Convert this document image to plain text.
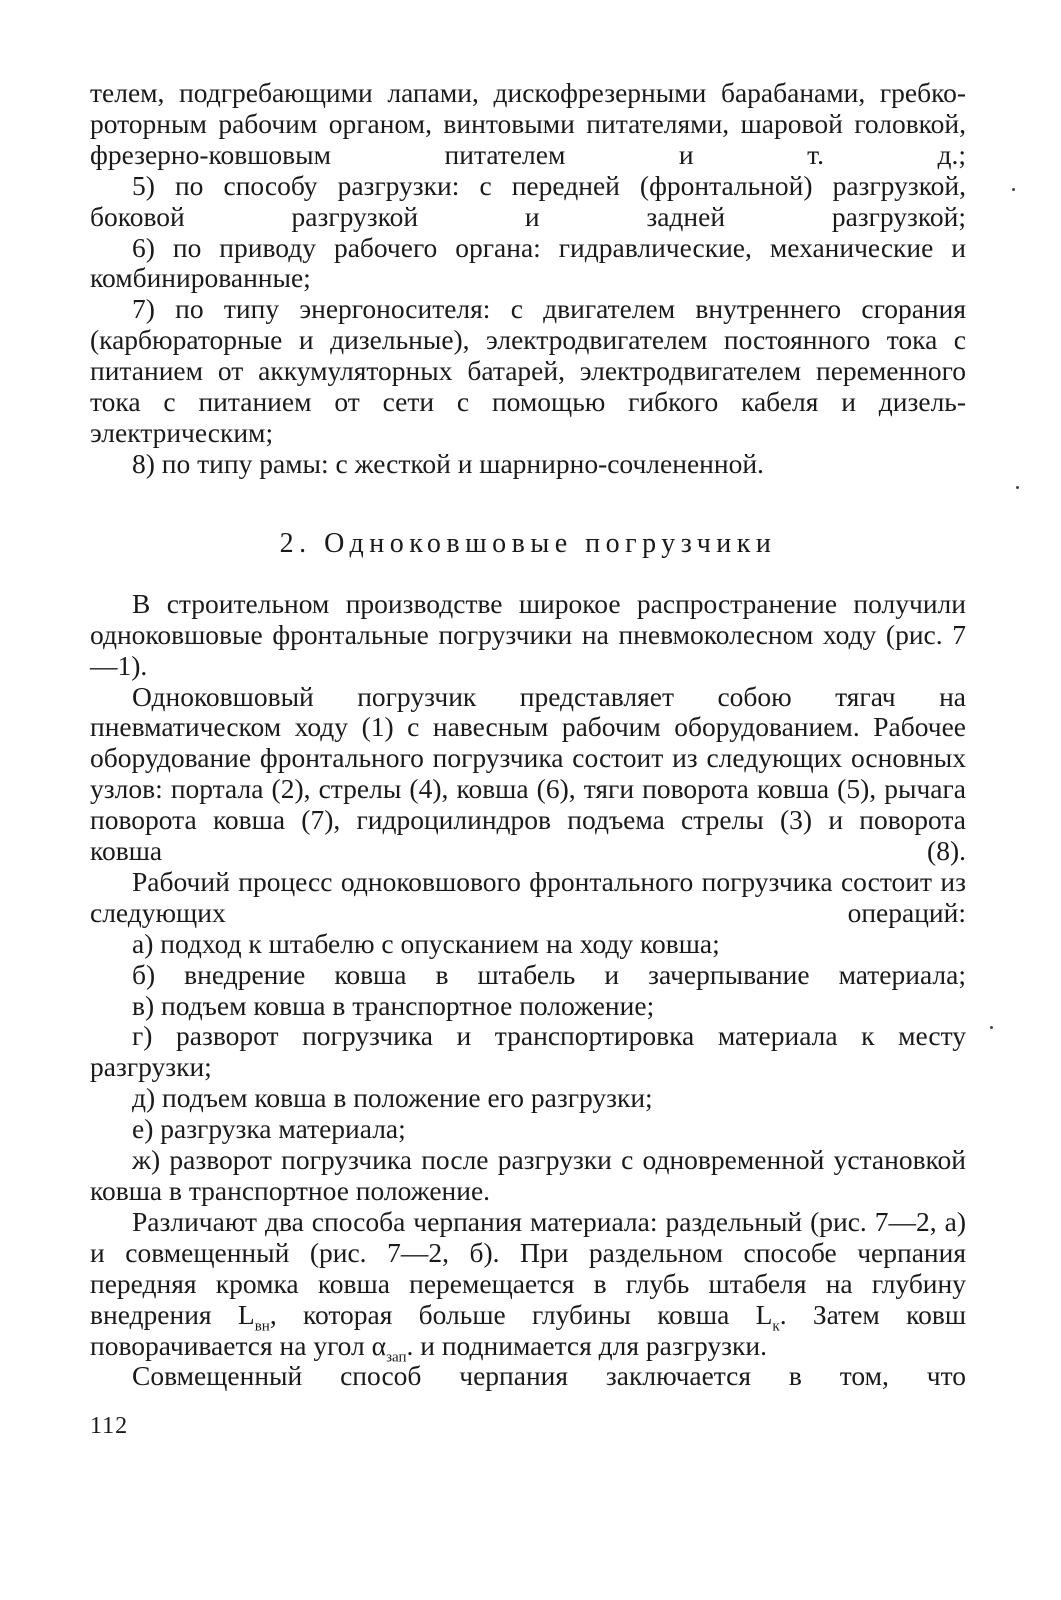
телем, подгребающими лапами, дискофрезерными барабанами, гребко-роторным рабочим органом, винтовыми питателями, шаровой головкой, фрезерно-ковшовым питателем и т. д.;

5) по способу разгрузки: с передней (фронтальной) разгрузкой, боковой разгрузкой и задней разгрузкой;

6) по приводу рабочего органа: гидравлические, механические и комбинированные;

7) по типу энергоносителя: с двигателем внутреннего сгорания (карбюраторные и дизельные), электродвигателем постоянного тока с питанием от аккумуляторных батарей, электродвигателем переменного тока с питанием от сети с помощью гибкого кабеля и дизель-электрическим;

8) по типу рамы: с жесткой и шарнирно-сочлененной.

2. Одноковшовые погрузчики

В строительном производстве широкое распространение получили одноковшовые фронтальные погрузчики на пневмоколесном ходу (рис. 7—1).

Одноковшовый погрузчик представляет собою тягач на пневматическом ходу (1) с навесным рабочим оборудованием. Рабочее оборудование фронтального погрузчика состоит из следующих основных узлов: портала (2), стрелы (4), ковша (6), тяги поворота ковша (5), рычага поворота ковша (7), гидроцилиндров подъема стрелы (3) и поворота ковша (8).

Рабочий процесс одноковшового фронтального погрузчика состоит из следующих операций:

а) подход к штабелю с опусканием на ходу ковша;

б) внедрение ковша в штабель и зачерпывание материала;

в) подъем ковша в транспортное положение;

г) разворот погрузчика и транспортировка материала к месту разгрузки;

д) подъем ковша в положение его разгрузки;

е) разгрузка материала;

ж) разворот погрузчика после разгрузки с одновременной установкой ковша в транспортное положение.

Различают два способа черпания материала: раздельный (рис. 7—2, а) и совмещенный (рис. 7—2, б). При раздельном способе черпания передняя кромка ковша перемещается в глубь штабеля на глубину внедрения $L_{вн}$, которая больше глубины ковша $L_к$. Затем ковш поворачивается на угол $\alpha_{зап}$. и поднимается для разгрузки.

Совмещенный способ черпания заключается в том, что

112
